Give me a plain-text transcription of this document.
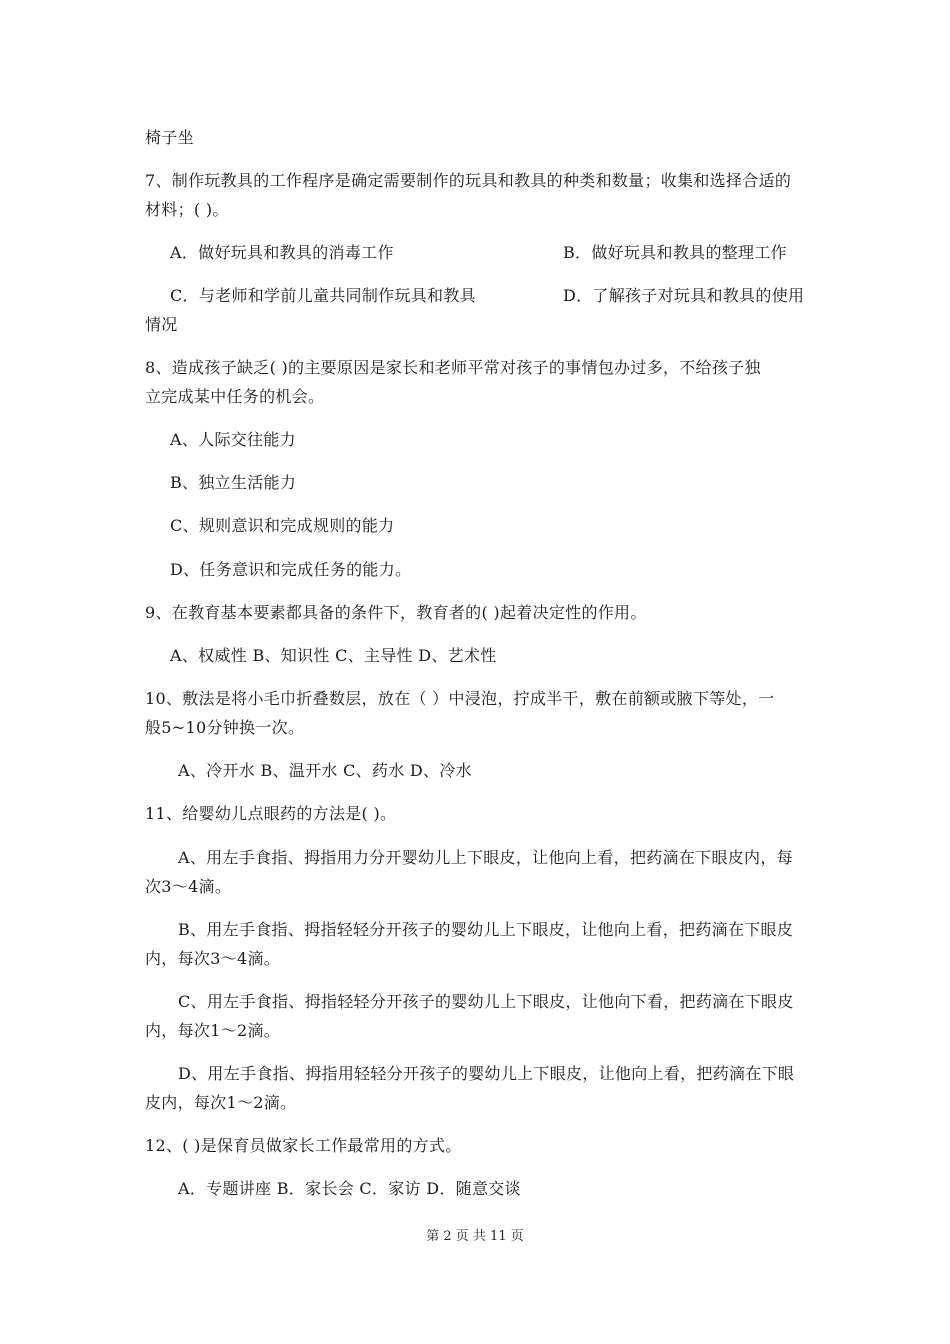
椅子坐
7、制作玩教具的工作程序是确定需要制作的玩具和教具的种类和数量；收集和选择合适的
材料；( )。
A．做好玩具和教具的消毒工作	B．做好玩具和教具的整理工作
C．与老师和学前儿童共同制作玩具和教具	D．了解孩子对玩具和教具的使用
情况
8、造成孩子缺乏( )的主要原因是家长和老师平常对孩子的事情包办过多，不给孩子独
立完成某中任务的机会。
A、人际交往能力
B、独立生活能力
C、规则意识和完成规则的能力
D、任务意识和完成任务的能力。
9、在教育基本要素都具备的条件下，教育者的( )起着决定性的作用。
A、权威性 B、知识性 C、主导性 D、艺术性
10、敷法是将小毛巾折叠数层，放在（ ）中浸泡，拧成半干，敷在前额或腋下等处，一
般5~10分钟换一次。
A、冷开水 B、温开水 C、药水 D、冷水
11、给婴幼儿点眼药的方法是( )。
A、用左手食指、拇指用力分开婴幼儿上下眼皮，让他向上看，把药滴在下眼皮内，每
次3～4滴。
B、用左手食指、拇指轻轻分开孩子的婴幼儿上下眼皮，让他向上看，把药滴在下眼皮
内，每次3～4滴。
C、用左手食指、拇指轻轻分开孩子的婴幼儿上下眼皮，让他向下看，把药滴在下眼皮
内，每次1～2滴。
D、用左手食指、拇指用轻轻分开孩子的婴幼儿上下眼皮，让他向上看，把药滴在下眼
皮内，每次1～2滴。
12、( )是保育员做家长工作最常用的方式。
A．专题讲座 B．家长会 C．家访 D．随意交谈
第 2 页 共 11 页
